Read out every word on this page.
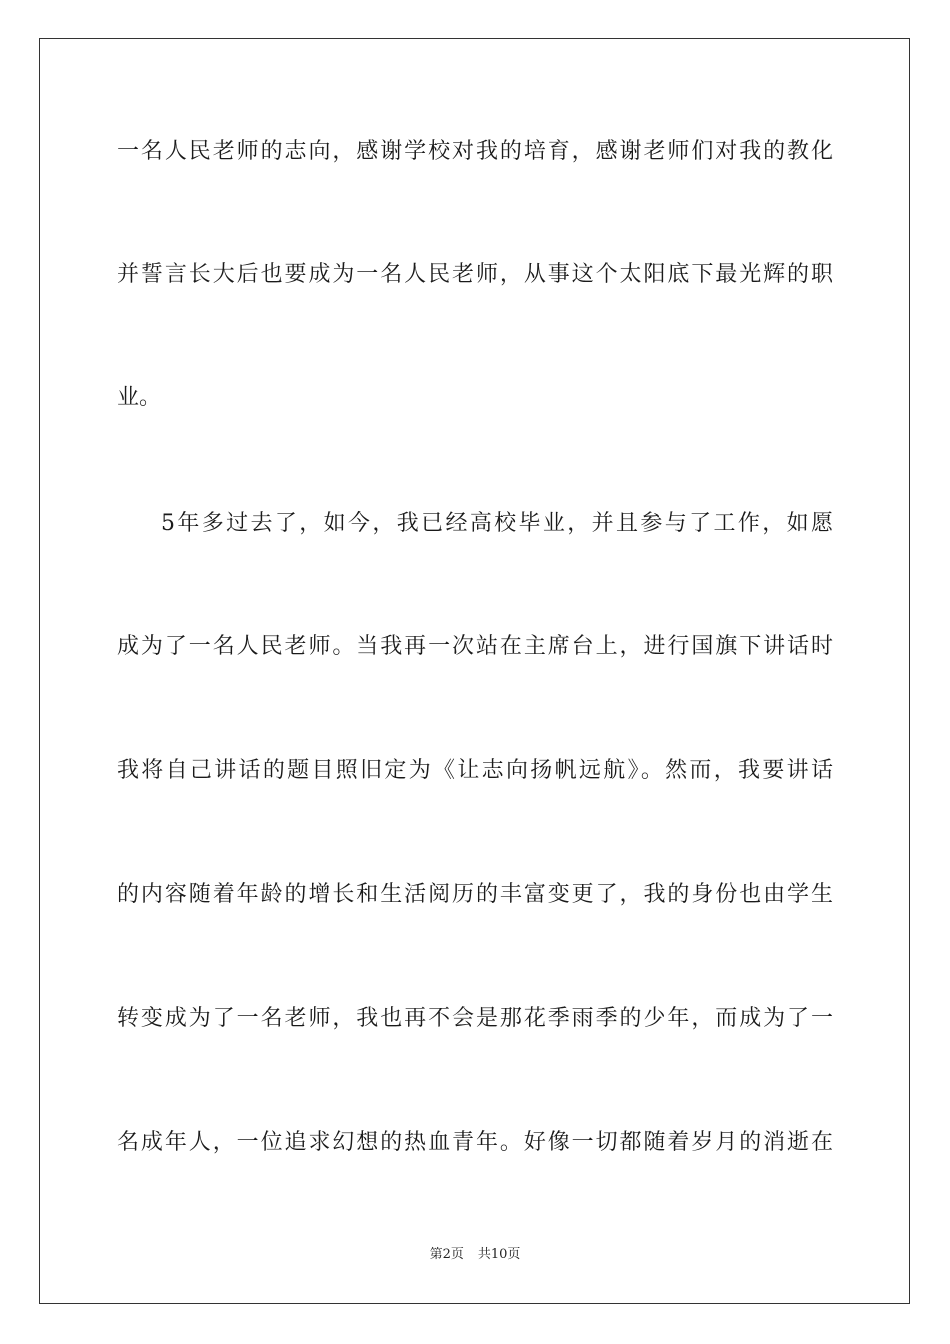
一名人民老师的志向，感谢学校对我的培育，感谢老师们对我的教化
并誓言长大后也要成为一名人民老师，从事这个太阳底下最光辉的职
业。
5年多过去了，如今，我已经高校毕业，并且参与了工作，如愿
成为了一名人民老师。当我再一次站在主席台上，进行国旗下讲话时
我将自己讲话的题目照旧定为《让志向扬帆远航》。然而，我要讲话
的内容随着年龄的增长和生活阅历的丰富变更了，我的身份也由学生
转变成为了一名老师，我也再不会是那花季雨季的少年，而成为了一
名成年人，一位追求幻想的热血青年。好像一切都随着岁月的消逝在
第2页 共10页
